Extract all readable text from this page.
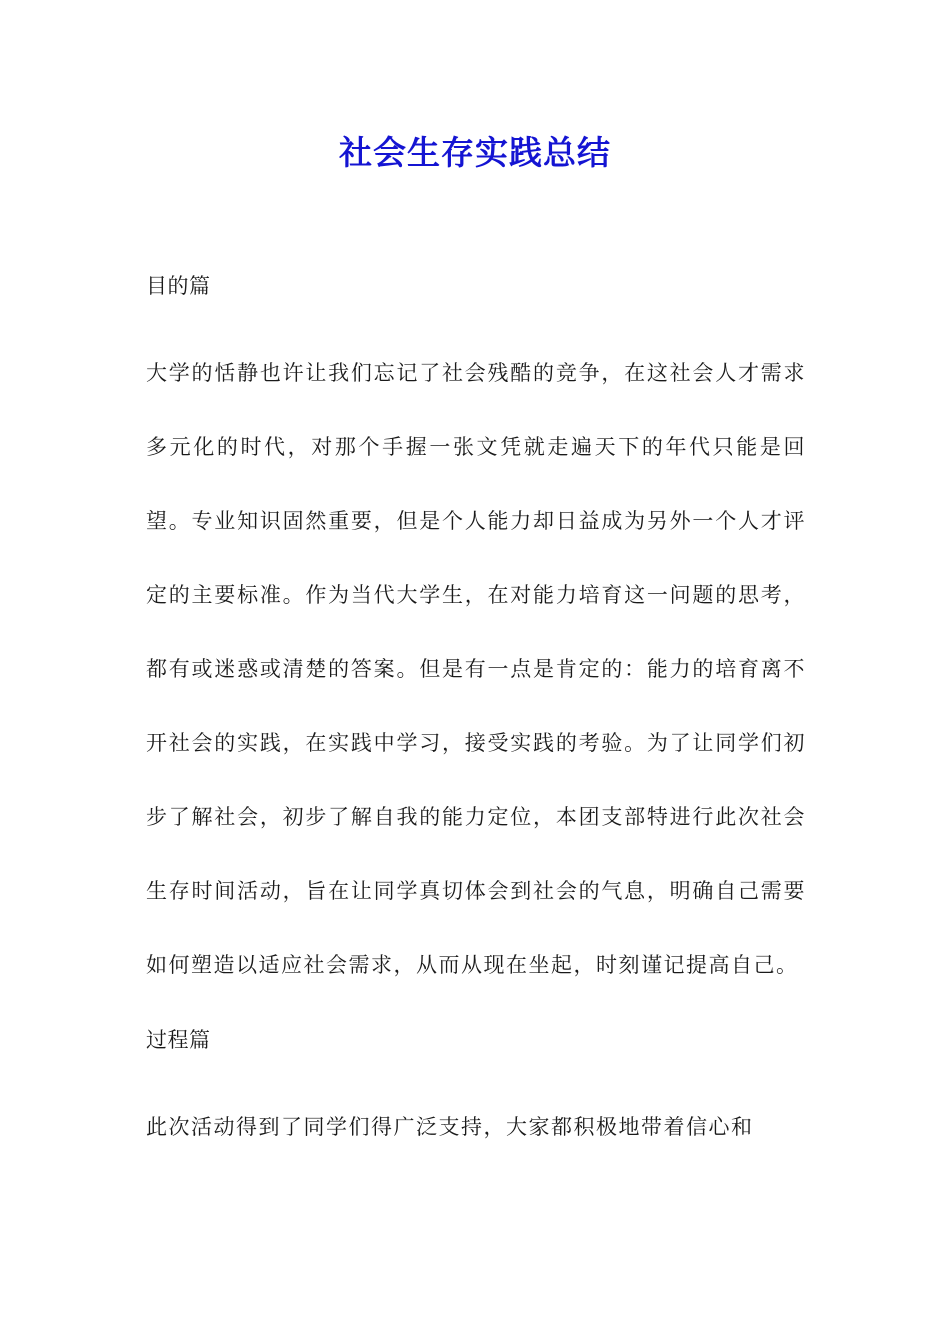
社会生存实践总结

目的篇

大学的恬静也许让我们忘记了社会残酷的竞争，在这社会人才需求多元化的时代，对那个手握一张文凭就走遍天下的年代只能是回望。专业知识固然重要，但是个人能力却日益成为另外一个人才评定的主要标准。作为当代大学生，在对能力培育这一问题的思考，都有或迷惑或清楚的答案。但是有一点是肯定的：能力的培育离不开社会的实践，在实践中学习，接受实践的考验。为了让同学们初步了解社会，初步了解自我的能力定位，本团支部特进行此次社会生存时间活动，旨在让同学真切体会到社会的气息，明确自己需要如何塑造以适应社会需求，从而从现在坐起，时刻谨记提高自己。

过程篇

此次活动得到了同学们得广泛支持，大家都积极地带着信心和
